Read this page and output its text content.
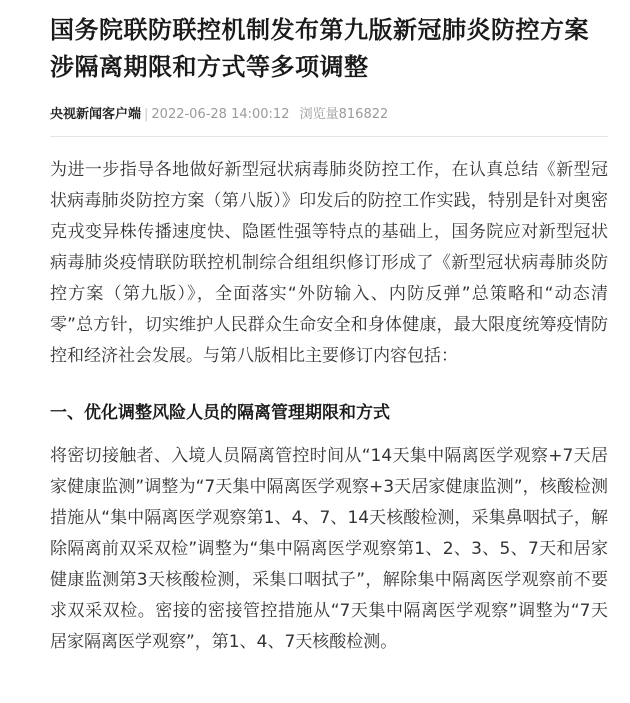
国务院联防联控机制发布第九版新冠肺炎防控方案 涉隔离期限和方式等多项调整
央视新闻客户端 | 2022-06-28 14:00:12 浏览量816822

为进一步指导各地做好新型冠状病毒肺炎防控工作，在认真总结《新型冠状病毒肺炎防控方案（第八版）》印发后的防控工作实践，特别是针对奥密克戎变异株传播速度快、隐匿性强等特点的基础上，国务院应对新型冠状病毒肺炎疫情联防联控机制综合组组织修订形成了《新型冠状病毒肺炎防控方案（第九版）》，全面落实“外防输入、内防反弹”总策略和“动态清零”总方针，切实维护人民群众生命安全和身体健康，最大限度统筹疫情防控和经济社会发展。与第八版相比主要修订内容包括：

一、优化调整风险人员的隔离管理期限和方式

将密切接触者、入境人员隔离管控时间从“14天集中隔离医学观察+7天居家健康监测”调整为“7天集中隔离医学观察+3天居家健康监测”，核酸检测措施从“集中隔离医学观察第1、4、7、14天核酸检测，采集鼻咽拭子，解除隔离前双采双检”调整为“集中隔离医学观察第1、2、3、5、7天和居家健康监测第3天核酸检测，采集口咽拭子”，解除集中隔离医学观察前不要求双采双检。密接的密接管控措施从“7天集中隔离医学观察”调整为“7天居家隔离医学观察”，第1、4、7天核酸检测。
